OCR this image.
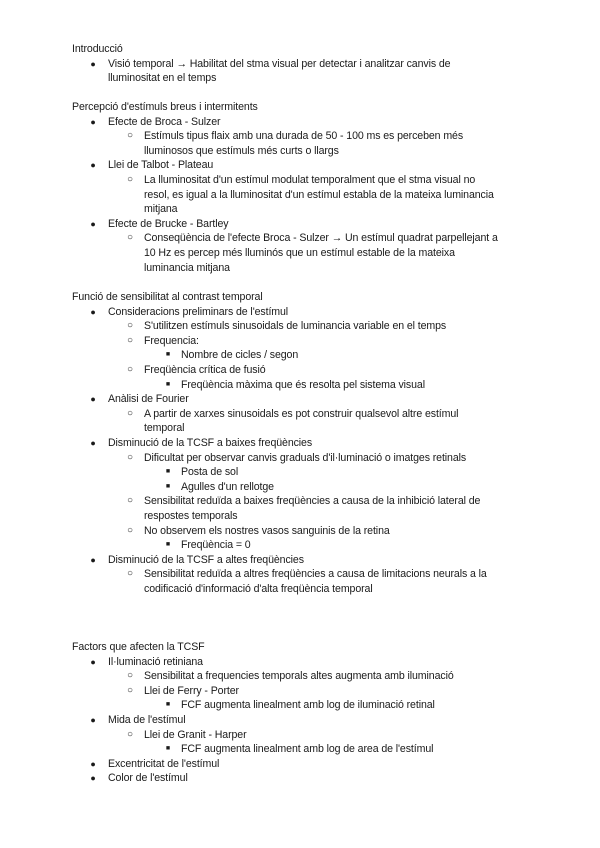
Introducció
●	Visió temporal → Habilitat del stma visual per detectar i analitzar canvis de
lluminositat en el temps
Percepció d'estímuls breus i intermitents
●	Efecte de Broca - Sulzer
○ Estímuls tipus flaix amb una durada de 50 - 100 ms es perceben més
lluminosos que estímuls més curts o llargs
●	Llei de Talbot - Plateau
○ La lluminositat d'un estímul modulat temporalment que el stma visual no
resol, es igual a la lluminositat d'un estímul establa de la mateixa luminancia
mitjana
●	Efecte de Brucke - Bartley
○ Conseqüència de l'efecte Broca - Sulzer → Un estímul quadrat parpellejant a
10 Hz es percep més lluminós que un estímul estable de la mateixa
luminancia mitjana
Funció de sensibilitat al contrast temporal
●	Consideracions preliminars de l'estímul
○ S'utilitzen estímuls sinusoidals de luminancia variable en el temps
○ Frequencia:
■	Nombre de cicles / segon
○ Freqüència crítica de fusió
■	Freqüència màxima que és resolta pel sistema visual
●	Anàlisi de Fourier
○ A partir de xarxes sinusoidals es pot construir qualsevol altre estímul
temporal
●	Disminució de la TCSF a baixes freqüències
○ Dificultat per observar canvis graduals d'il·luminació o imatges retinals
■	Posta de sol
■	Agulles d'un rellotge
○ Sensibilitat reduïda a baixes freqüències a causa de la inhibició lateral de
respostes temporals
○ No observem els nostres vasos sanguinis de la retina
■	Freqüència = 0
●	Disminució de la TCSF a altes freqüències
○ Sensibilitat reduïda a altres freqüències a causa de limitacions neurals a la
codificació d'informació d'alta freqüència temporal
Factors que afecten la TCSF
●	Il·luminació retiniana
○ Sensibilitat a frequencies temporals altes augmenta amb iluminació
○ Llei de Ferry - Porter
■	FCF augmenta linealment amb log de iluminació retinal
●	Mida de l'estímul
○ Llei de Granit - Harper
■	FCF augmenta linealment amb log de area de l'estímul
●	Excentricitat de l'estímul
●	Color de l'estímul
